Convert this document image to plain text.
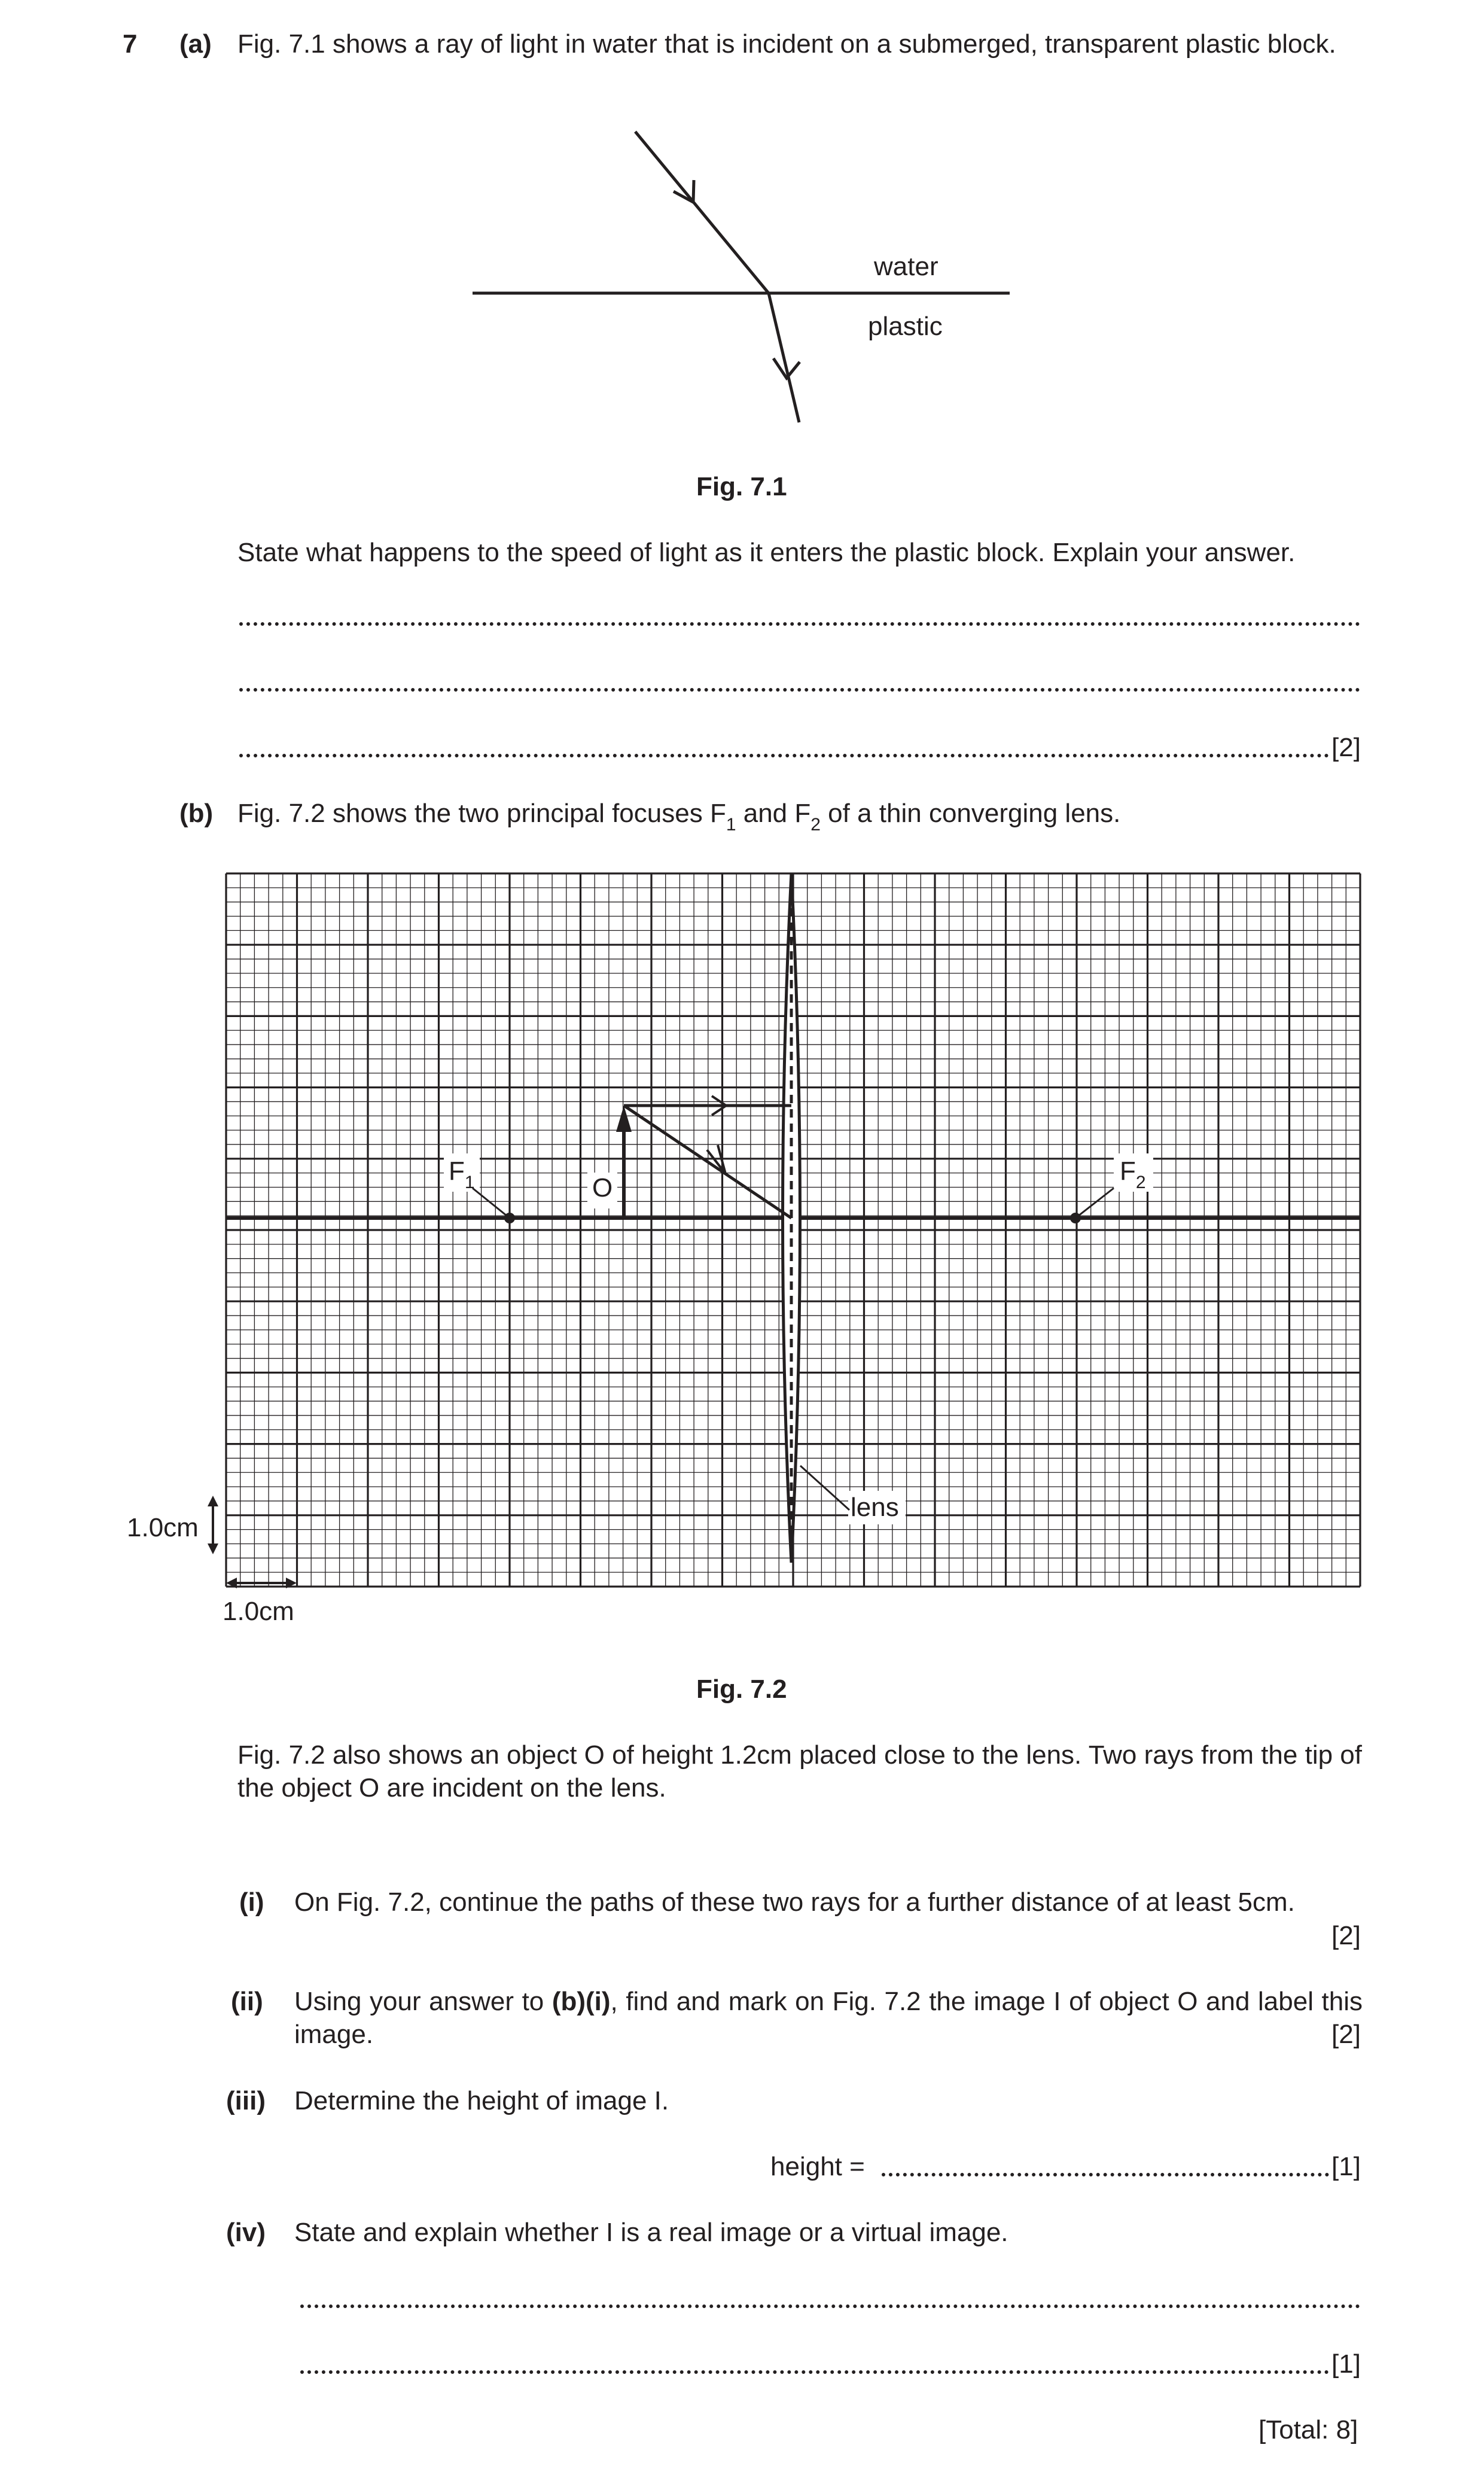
7 (a) Fig. 7.1 shows a ray of light in water that is incident on a submerged, transparent plastic block.
water
plastic
Fig. 7.1
State what happens to the speed of light as it enters the plastic block. Explain your answer.
[2]
(b) Fig. 7.2 shows the two principal focuses $F_1$ and $F_2$ of a thin converging lens.
$F_1$	$F_2$
O
lens
1.0cm
1.0cm
Fig. 7.2
Fig. 7.2 also shows an object O of height 1.2cm placed close to the lens. Two rays from the tip of the object O are incident on the lens.
(i) On Fig. 7.2, continue the paths of these two rays for a further distance of at least 5cm.
[2]
(ii) Using your answer to (b)(i), find and mark on Fig. 7.2 the image I of object O and label this image.	[2]
(iii) Determine the height of image I.
height =	[1]
(iv) State and explain whether I is a real image or a virtual image.
[1]
[Total: 8]
